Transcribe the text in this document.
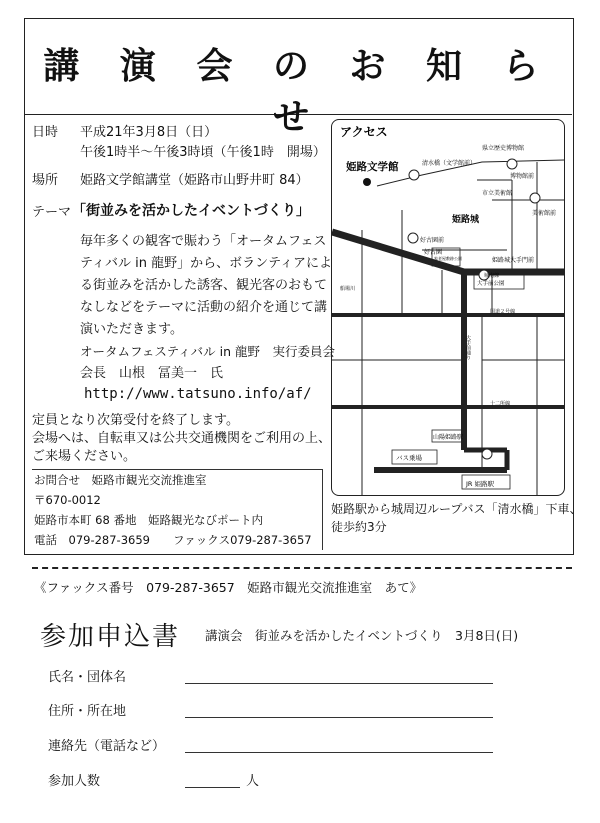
講 演 会 の お 知 ら せ
日時 平成21年3月8日（日）
午後1時半～午後3時頃（午後1時　開場）
場所 姫路文学館講堂（姫路市山野井町 84）
テーマ 「街並みを活かしたイベントづくり」
毎年多くの観客で賑わう「オータムフェス
ティバル in 龍野」から、ボランティアによ
る街並みを活かした誘客、観光客のおもて
なしなどをテーマに活動の紹介を通じて講
演いただきます。
オータムフェスティバル in 龍野　実行委員会
会長　山根　冨美一　氏
http://www.tatsuno.info/af/
定員となり次第受付を終了します。
会場へは、自転車又は公共交通機関をご利用の上、
ご来場ください。
お問合せ　姫路市観光交流推進室
〒670-0012
姫路市本町 68 番地　姫路観光なびポート内
電話　079-287-3659　　ファックス079-287-3657
アクセス
姫路文学館
県立歴史博物館
清水橋（文学館前）
博物館前
市立美術館
美術館前
姫路城
好古園前
好古園
姫路城大手門前
大手前公園
家老屋敷跡公園
城南線
船場川
国道２号線
十二所線
大手前通り
山陽姫路駅
バス乗場
JR 姫路駅
姫路駅から城周辺ループバス「清水橋」下車、
徒歩約3分
《ファックス番号　079-287-3657　姫路市観光交流推進室　あて》
参加申込書 講演会　街並みを活かしたイベントづくり　3月8日(日)
氏名・団体名
住所・所在地
連絡先（電話など）
参加人数	人
